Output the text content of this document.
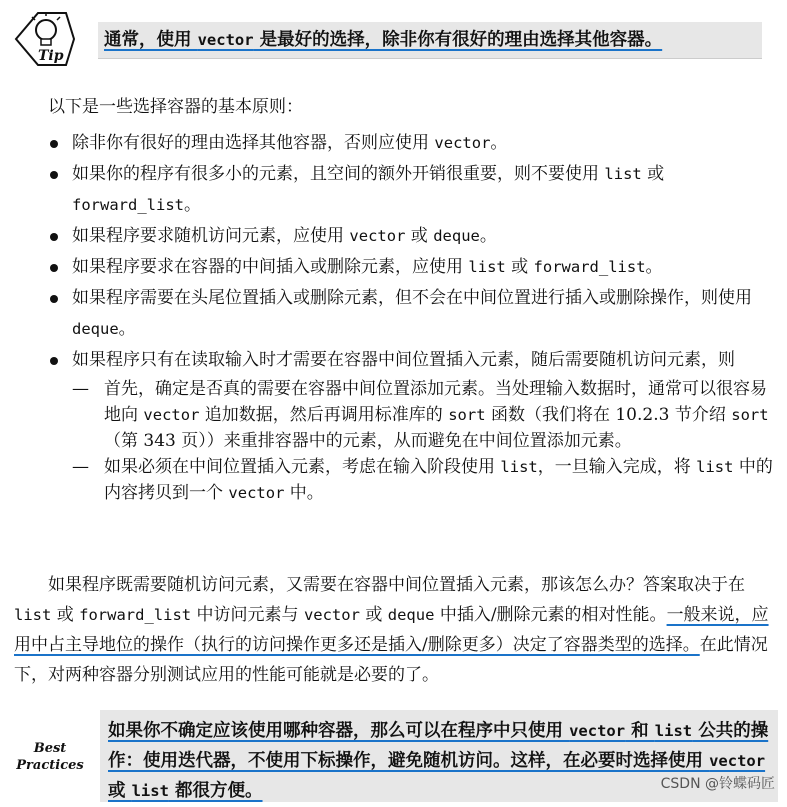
Tip
通常，使用 vector 是最好的选择，除非你有很好的理由选择其他容器。
以下是一些选择容器的基本原则：
除非你有很好的理由选择其他容器，否则应使用 vector。
如果你的程序有很多小的元素，且空间的额外开销很重要，则不要使用 list 或 forward_list。
如果程序要求随机访问元素，应使用 vector 或 deque。
如果程序要求在容器的中间插入或删除元素，应使用 list 或 forward_list。
如果程序需要在头尾位置插入或删除元素，但不会在中间位置进行插入或删除操作，则使用 deque。
如果程序只有在读取输入时才需要在容器中间位置插入元素，随后需要随机访问元素，则
— 首先，确定是否真的需要在容器中间位置添加元素。当处理输入数据时，通常可以很容易地向 vector 追加数据，然后再调用标准库的 sort 函数（我们将在 10.2.3 节介绍 sort（第 343 页））来重排容器中的元素，从而避免在中间位置添加元素。
— 如果必须在中间位置插入元素，考虑在输入阶段使用 list，一旦输入完成，将 list 中的内容拷贝到一个 vector 中。
如果程序既需要随机访问元素，又需要在容器中间位置插入元素，那该怎么办？答案取决于在 list 或 forward_list 中访问元素与 vector 或 deque 中插入/删除元素的相对性能。一般来说，应用中占主导地位的操作（执行的访问操作更多还是插入/删除更多）决定了容器类型的选择。在此情况下，对两种容器分别测试应用的性能可能就是必要的了。
Best
Practices
如果你不确定应该使用哪种容器，那么可以在程序中只使用 vector 和 list 公共的操作：使用迭代器，不使用下标操作，避免随机访问。这样，在必要时选择使用 vector 或 list 都很方便。	CSDN @铃蝶码匠
